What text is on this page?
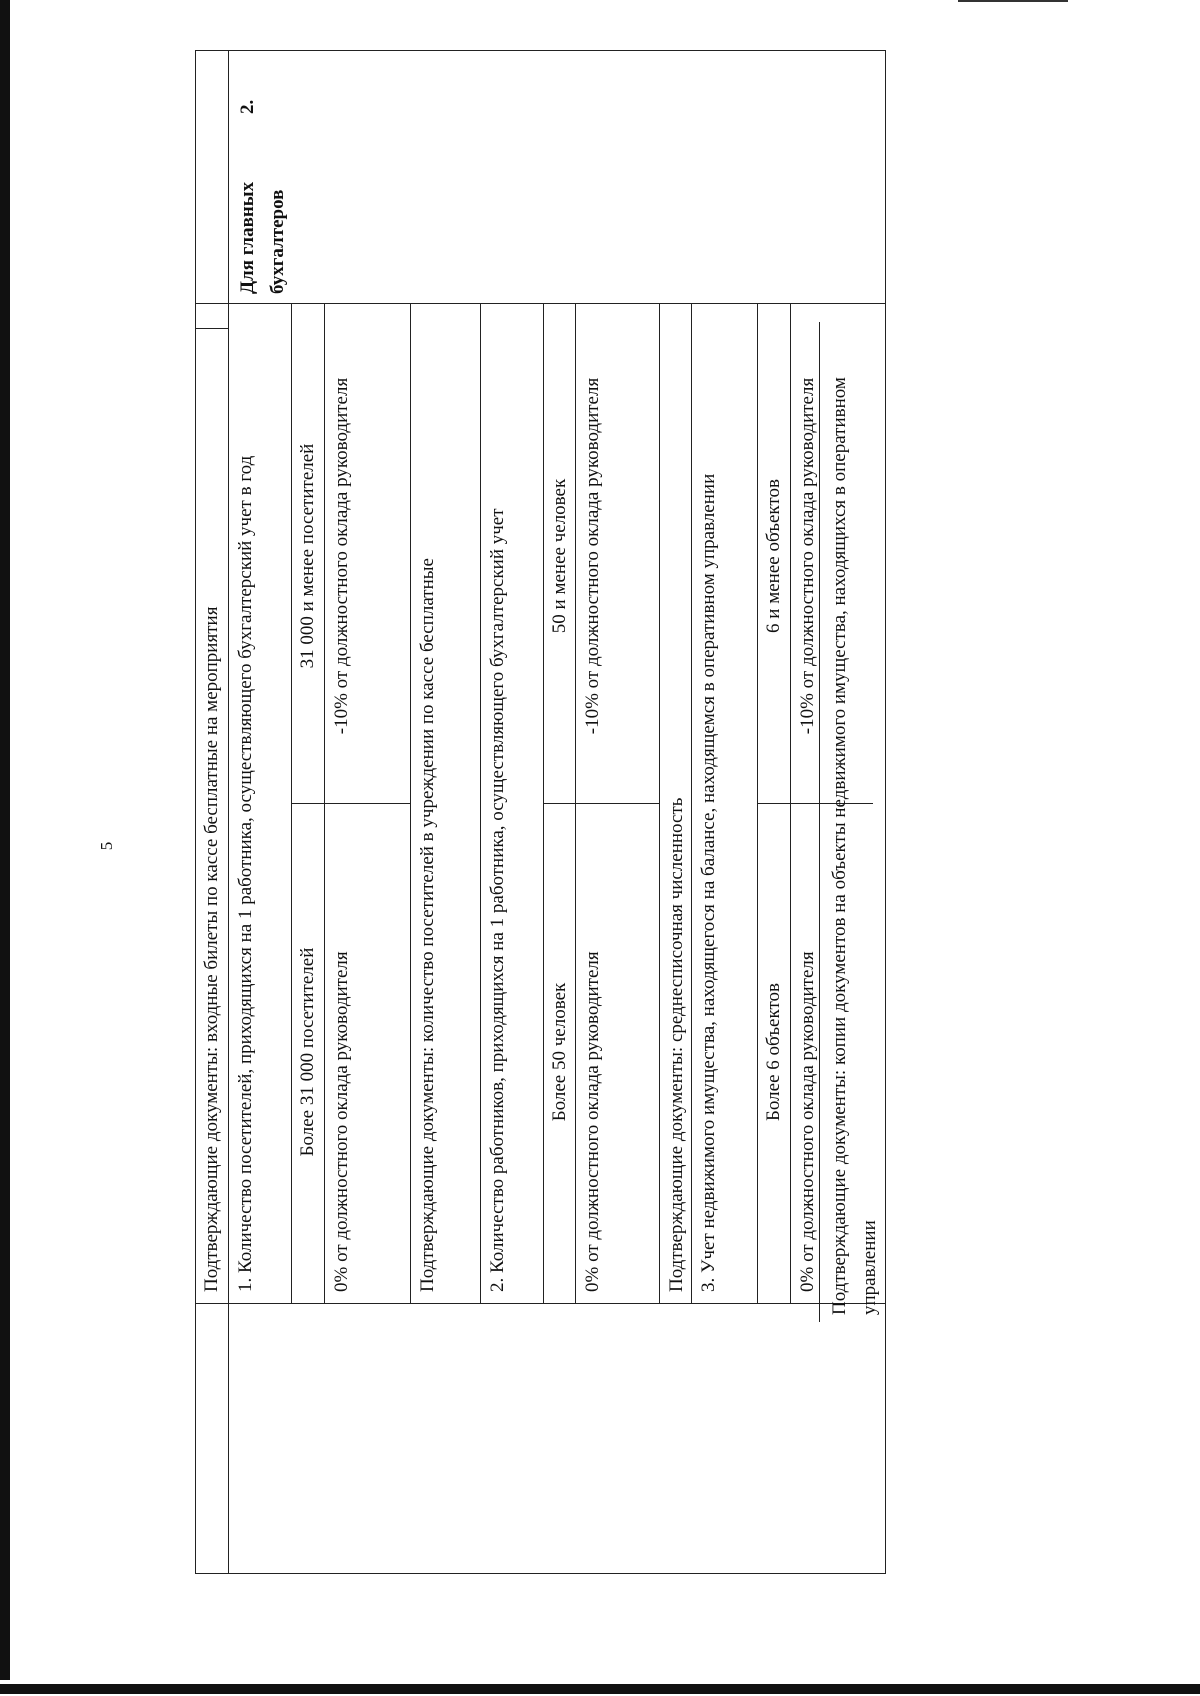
5
2.
Для главных бухгалтеров
Подтверждающие документы: входные билеты по кассе бесплатные на мероприятия 1. Количество посетителей, приходящихся на 1 работника, осуществляющего бухгалтерский учет в год Более 31 000 посетителей
31 000 и менее посетителей
0% от должностного оклада руководителя
-10% от должностного оклада руководителя
Подтверждающие документы: количество посетителей в учреждении по кассе бесплатные	2. Количество работников, приходящихся на 1 работника, осуществляющего бухгалтерский учет Более 50 человек
50 и менее человек
0% от должностного оклада руководителя
-10% от должностного оклада руководителя
Подтверждающие документы: среднесписочная численность 3. Учет недвижимого имущества, находящегося на балансе, находящемся в оперативном управлении Более 6 объектов
6 и менее объектов
0% от должностного оклада руководителя
-10% от должностного оклада руководителя Подтверждающие документы: копии документов на объекты недвижимого имущества, находящихся в оперативном управлении
